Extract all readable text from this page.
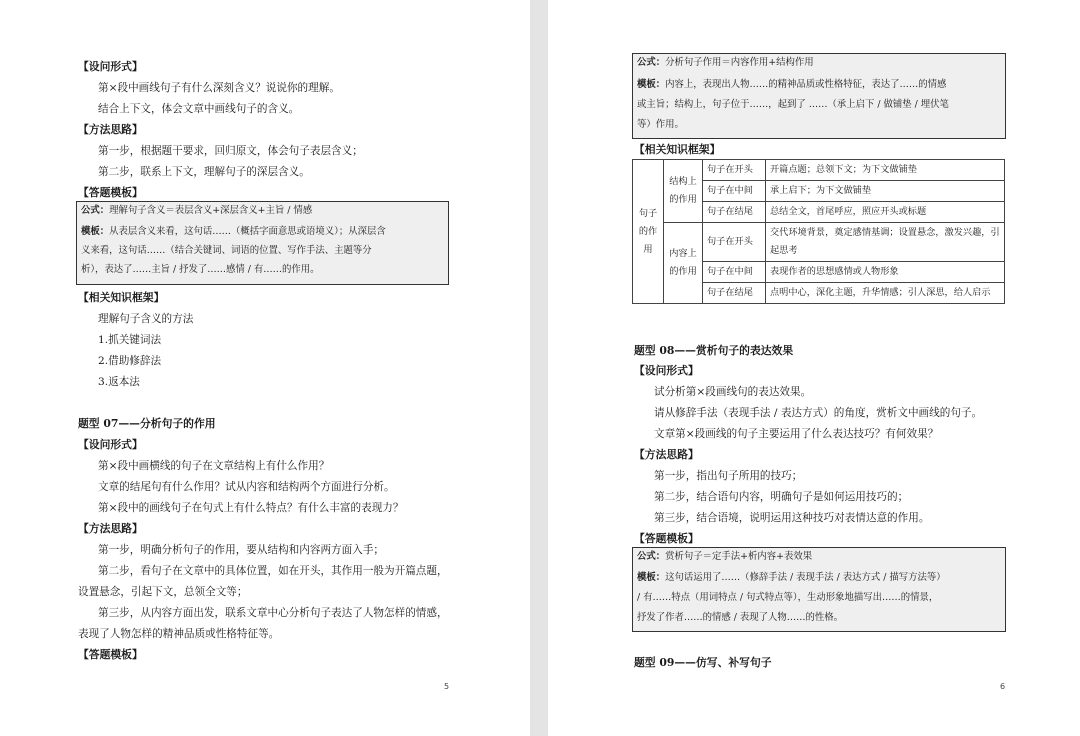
【设问形式】
第×段中画线句子有什么深刻含义？说说你的理解。
结合上下文，体会文章中画线句子的含义。
【方法思路】
第一步，根据题干要求，回归原文，体会句子表层含义；
第二步，联系上下文，理解句子的深层含义。
【答题模板】
公式：理解句子含义＝表层含义+深层含义+主旨 / 情感
模板：从表层含义来看，这句话……（概括字面意思或语境义）；从深层含
义来看，这句话……（结合关键词、词语的位置、写作手法、主题等分
析），表达了……主旨 / 抒发了……感情 / 有……的作用。
【相关知识框架】
理解句子含义的方法
1.抓关键词法
2.借助修辞法
3.返本法
题型 07——分析句子的作用
【设问形式】
第×段中画横线的句子在文章结构上有什么作用？
文章的结尾句有什么作用？试从内容和结构两个方面进行分析。
第×段中的画线句子在句式上有什么特点？有什么丰富的表现力？
【方法思路】
第一步，明确分析句子的作用，要从结构和内容两方面入手；
第二步，看句子在文章中的具体位置，如在开头，其作用一般为开篇点题，
设置悬念，引起下文，总领全文等；
第三步，从内容方面出发，联系文章中心分析句子表达了人物怎样的情感，
表现了人物怎样的精神品质或性格特征等。
【答题模板】
5
公式：分析句子作用＝内容作用+结构作用
模板：内容上，表现出人物……的精神品质或性格特征，表达了……的情感
或主旨；结构上，句子位于……，起到了 ……（承上启下 / 做铺垫 / 埋伏笔
等）作用。
【相关知识框架】
句子的作用	结构上的作用	句子在开头	开篇点题；总领下文；为下文做铺垫
		句子在中间	承上启下；为下文做铺垫
		句子在结尾	总结全文，首尾呼应，照应开头或标题
	内容上的作用	句子在开头	交代环境背景，奠定感情基调；设置悬念，激发兴趣，引起思考
		句子在中间	表现作者的思想感情或人物形象
		句子在结尾	点明中心，深化主题，升华情感；引人深思，给人启示
题型 08——赏析句子的表达效果
【设问形式】
试分析第×段画线句的表达效果。
请从修辞手法（表现手法 / 表达方式）的角度，赏析文中画线的句子。
文章第×段画线的句子主要运用了什么表达技巧？有何效果？
【方法思路】
第一步，指出句子所用的技巧；
第二步，结合语句内容，明确句子是如何运用技巧的；
第三步，结合语境，说明运用这种技巧对表情达意的作用。
【答题模板】
公式：赏析句子＝定手法+析内容+表效果
模板：这句话运用了……（修辞手法 / 表现手法 / 表达方式 / 描写方法等）
/ 有……特点（用词特点 / 句式特点等），生动形象地描写出……的情景，
抒发了作者……的情感 / 表现了人物……的性格。
题型 09——仿写、补写句子
6
